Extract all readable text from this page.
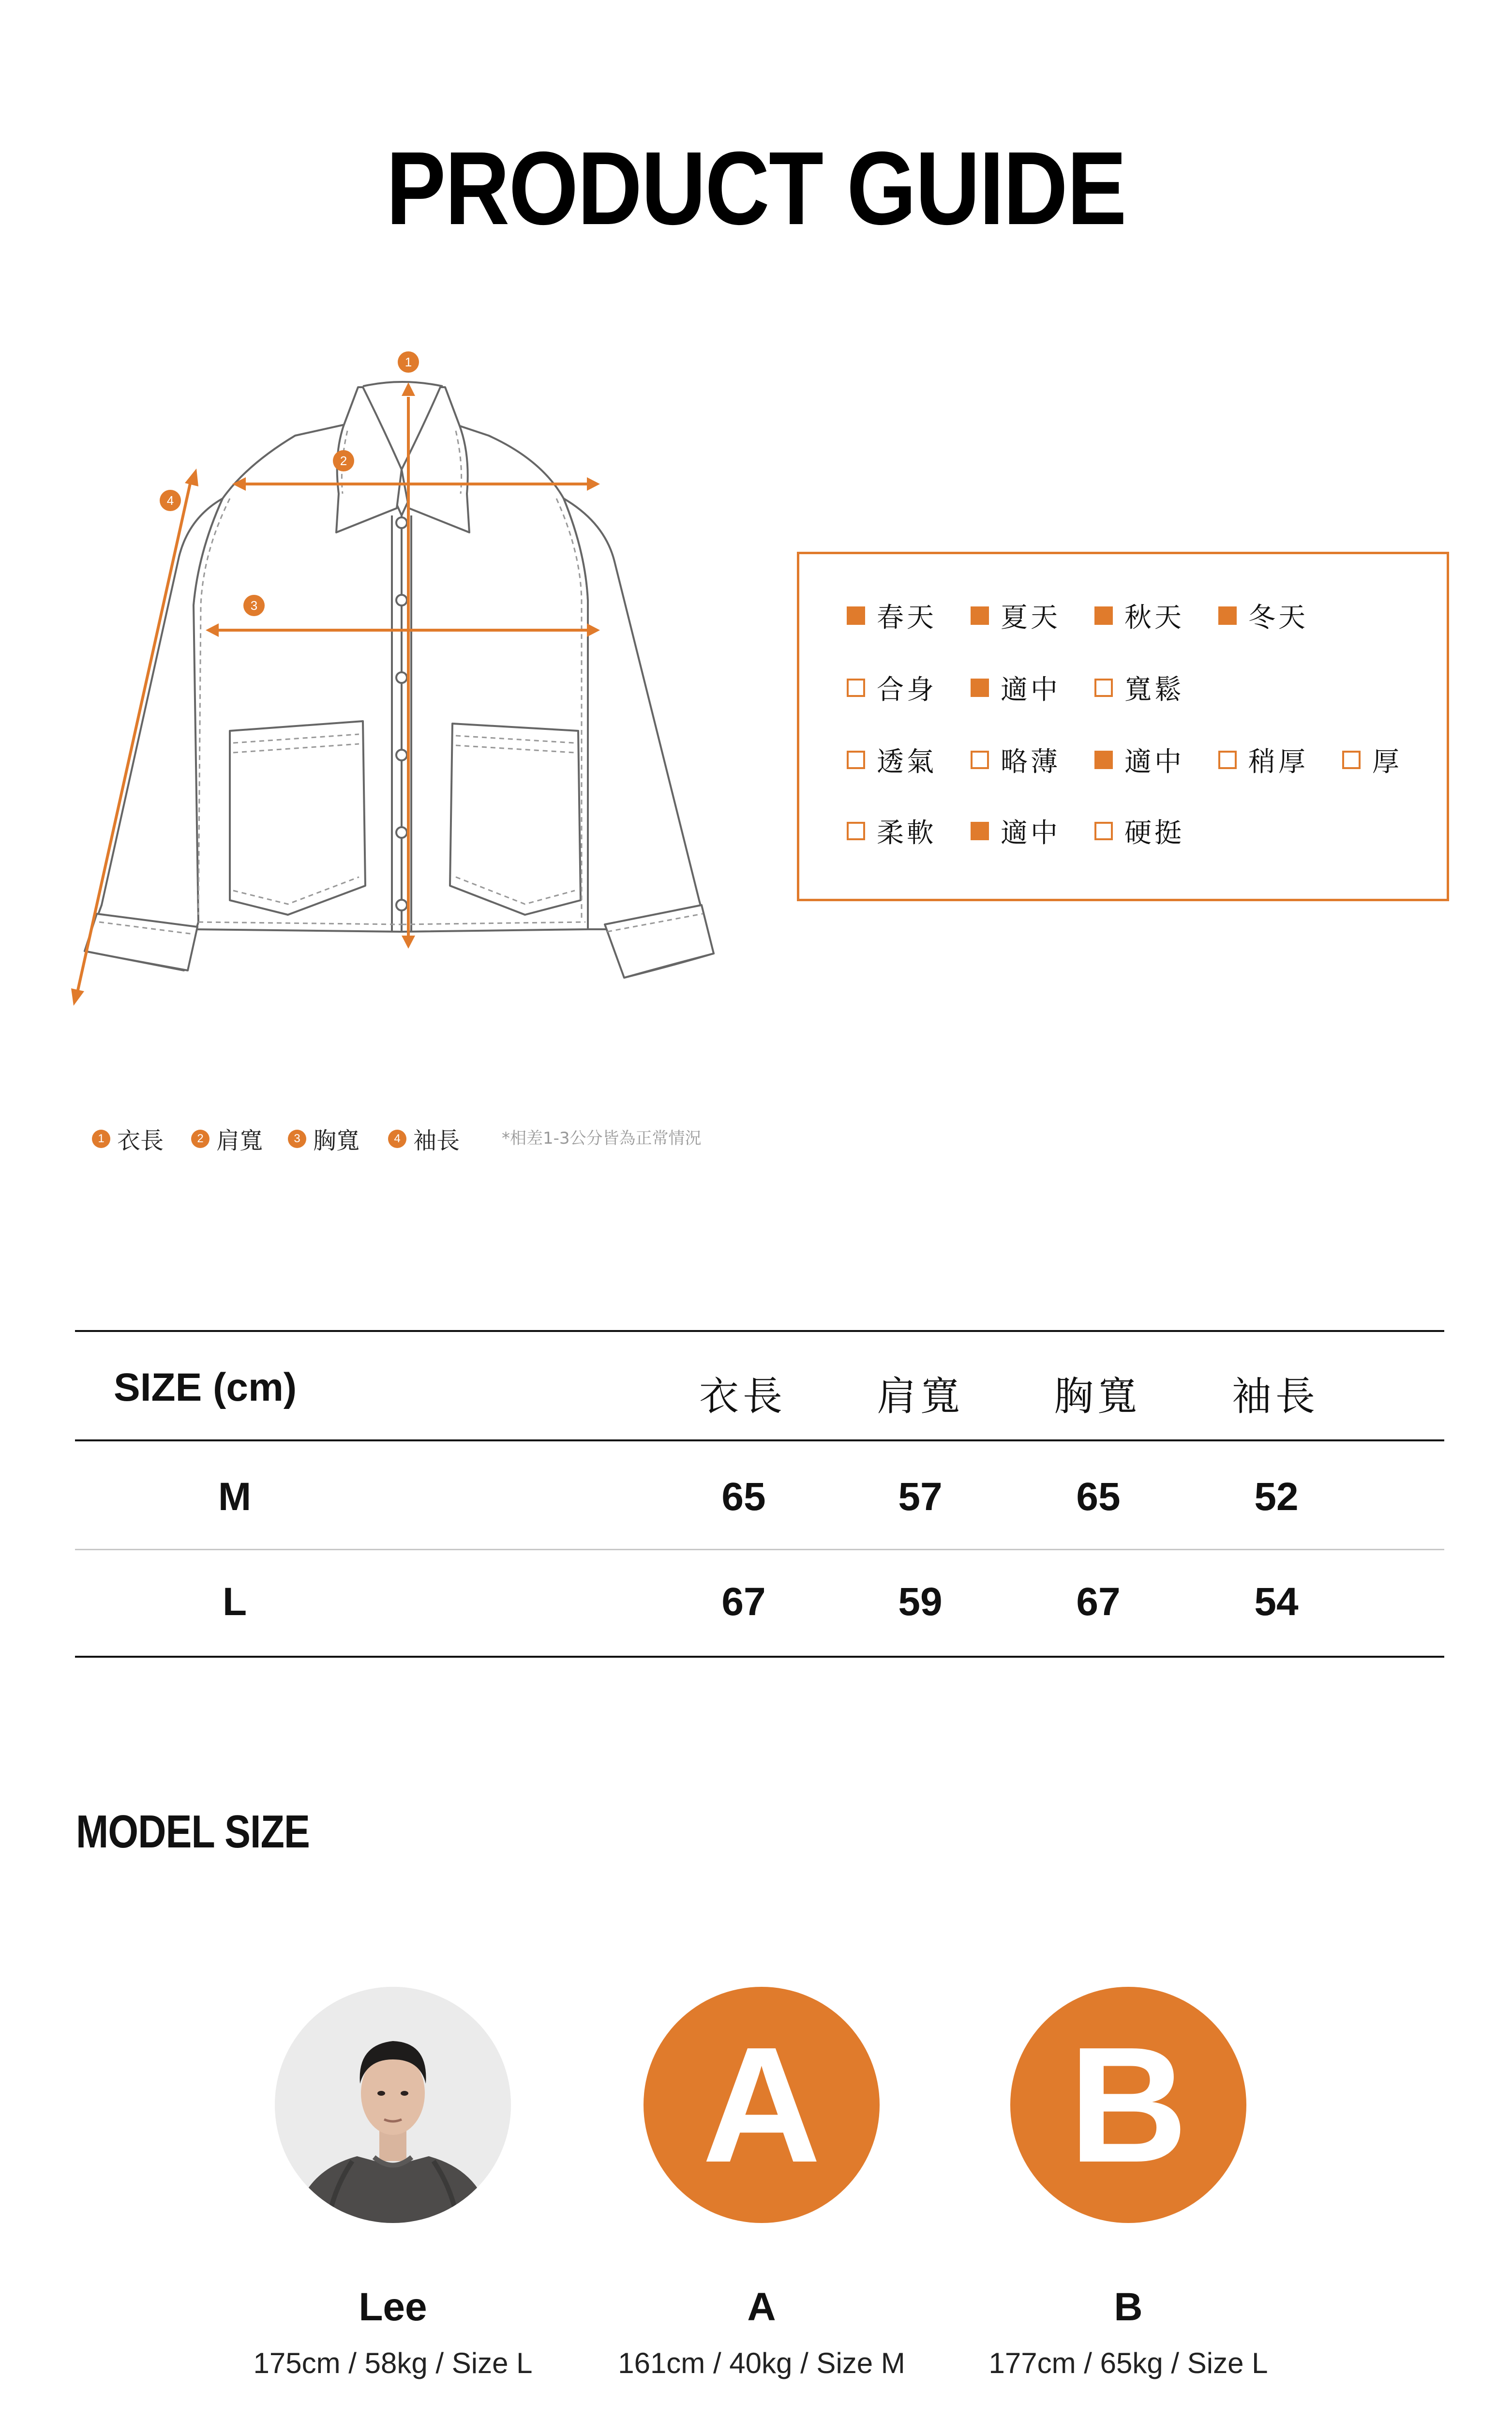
PRODUCT GUIDE
1
2
3
4
春天 夏天 秋天 冬天
合身 適中 寬鬆
透氣 略薄 適中 稍厚 厚
柔軟 適中 硬挺
1 衣長	2 肩寬	3 胸寬	4 袖長	*相差1-3公分皆為正常情況
SIZE (cm)	衣長	肩寬	胸寬	袖長
M	65	57	65	52
L	67	59	67	54
MODEL SIZE
Lee
175cm / 58kg / Size L
A
A
161cm / 40kg / Size M
B
B
177cm / 65kg / Size L
